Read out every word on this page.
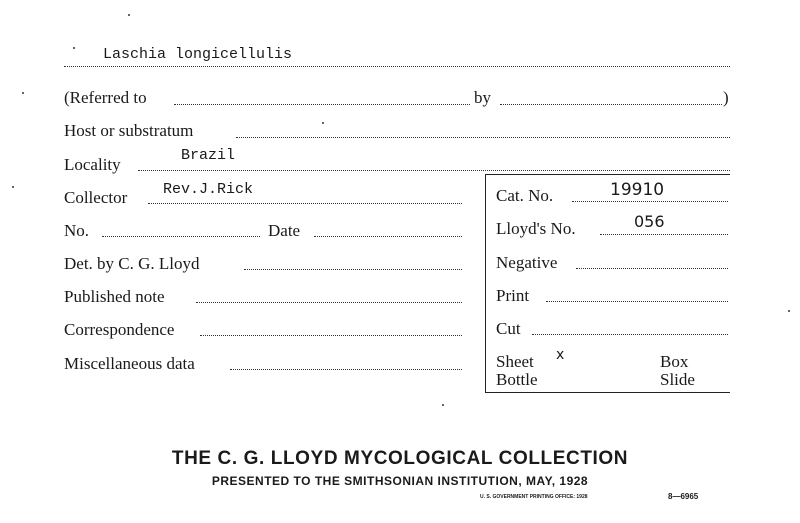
Laschia longicellulis
(Referred to	by	)
Host or substratum
Locality	Brazil
Collector Rev.J.Rick	Cat. No.	19910
No.	Date	Lloyd's No.	056
Det. by C. G. Lloyd	Negative
Published note	Print
Correspondence	Cut
Miscellaneous data	Sheet x	Box
Bottle	Slide
THE C. G. LLOYD MYCOLOGICAL COLLECTION
PRESENTED TO THE SMITHSONIAN INSTITUTION, MAY, 1928
U. S. GOVERNMENT PRINTING OFFICE: 1928	8—6965
